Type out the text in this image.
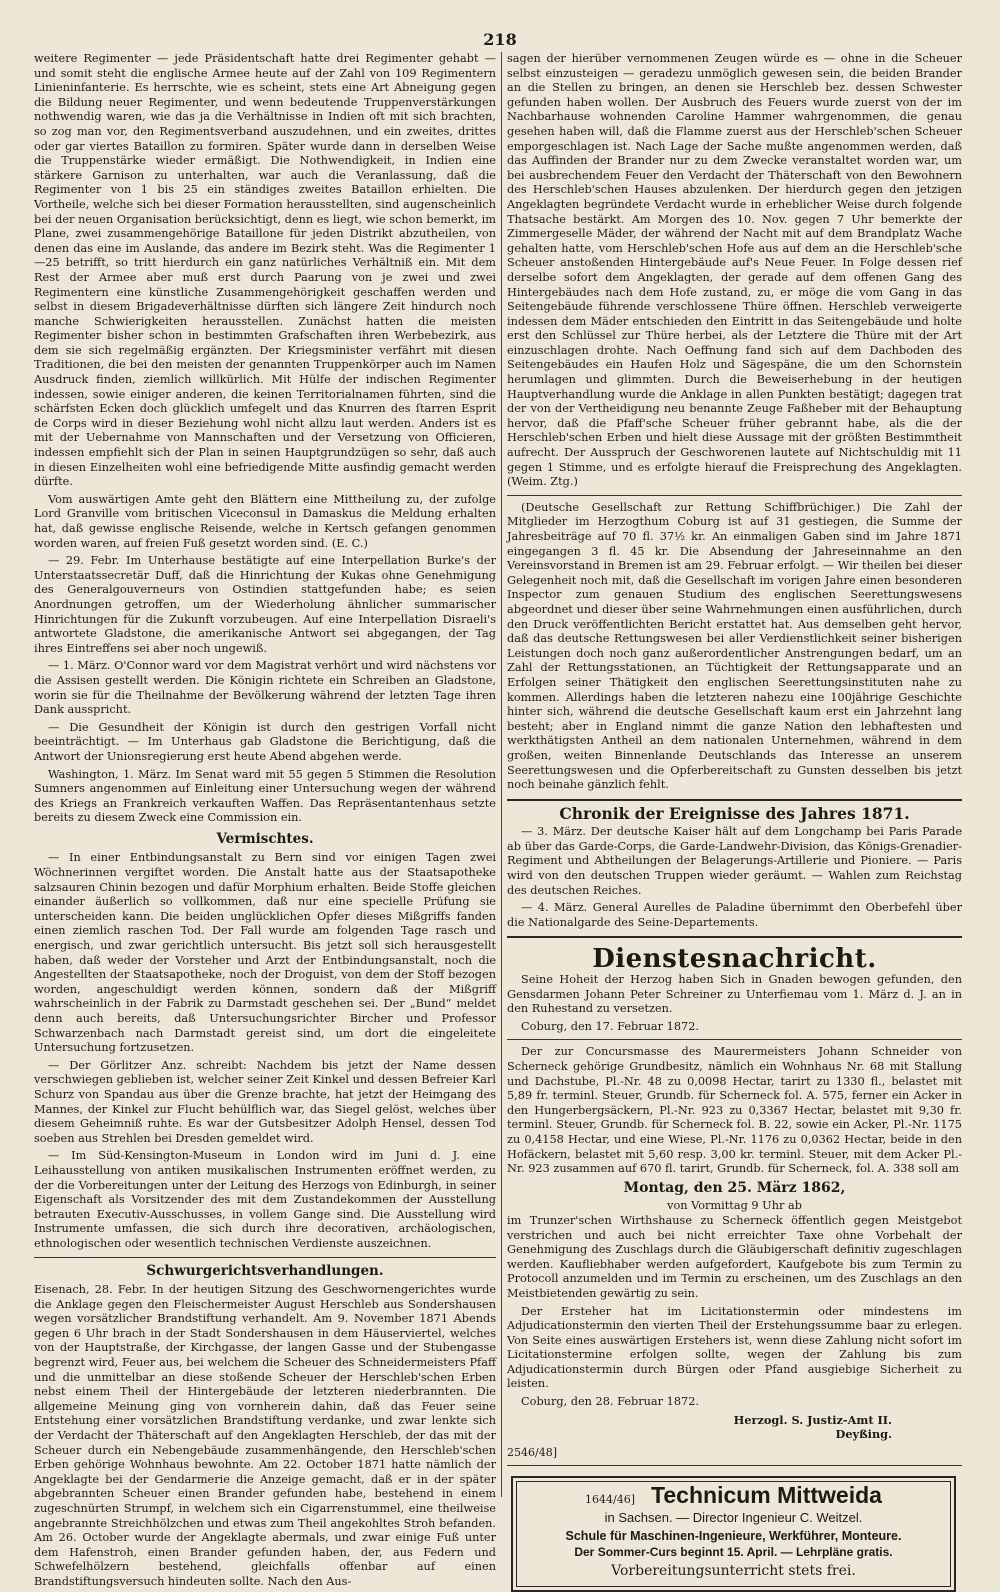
218

weitere Regimenter — jede Präsidentschaft hatte drei Regimenter gehabt — und somit steht die englische Armee heute auf der Zahl von 109 Regimentern Linieninfanterie. Es herrschte, wie es scheint, stets eine Art Abneigung gegen die Bildung neuer Regimenter, und wenn bedeutende Truppenverstärkungen nothwendig waren, wie das ja die Verhältnisse in Indien oft mit sich brachten, so zog man vor, den Regimentsverband auszudehnen, und ein zweites, drittes oder gar viertes Bataillon zu formiren. Später wurde dann in derselben Weise die Truppenstärke wieder ermäßigt. Die Nothwendigkeit, in Indien eine stärkere Garnison zu unterhalten, war auch die Veranlassung, daß die Regimenter von 1 bis 25 ein ständiges zweites Bataillon erhielten. Die Vortheile, welche sich bei dieser Formation herausstellten, sind augenscheinlich bei der neuen Organisation berücksichtigt, denn es liegt, wie schon bemerkt, im Plane, zwei zusammengehörige Bataillone für jeden Distrikt abzutheilen, von denen das eine im Auslande, das andere im Bezirk steht. Was die Regimenter 1—25 betrifft, so tritt hierdurch ein ganz natürliches Verhältniß ein. Mit dem Rest der Armee aber muß erst durch Paarung von je zwei und zwei Regimentern eine künstliche Zusammengehörigkeit geschaffen werden und selbst in diesem Brigadeverhältnisse dürften sich längere Zeit hindurch noch manche Schwierigkeiten herausstellen. Zunächst hatten die meisten Regimenter bisher schon in bestimmten Grafschaften ihren Werbebezirk, aus dem sie sich regelmäßig ergänzten. Der Kriegsminister verfährt mit diesen Traditionen, die bei den meisten der genannten Truppenkörper auch im Namen Ausdruck finden, ziemlich willkürlich. Mit Hülfe der indischen Regimenter indessen, sowie einiger anderen, die keinen Territorialnamen führten, sind die schärfsten Ecken doch glücklich umfegelt und das Knurren des ſtarren Esprit de Corps wird in dieser Beziehung wohl nicht allzu laut werden. Anders ist es mit der Uebernahme von Mannschaften und der Versetzung von Officieren, indessen empfiehlt sich der Plan in seinen Hauptgrundzügen so sehr, daß auch in diesen Einzelheiten wohl eine befriedigende Mitte ausfindig gemacht werden dürfte.

Vom auswärtigen Amte geht den Blättern eine Mittheilung zu, der zufolge Lord Granville vom britischen Viceconsul in Damaskus die Meldung erhalten hat, daß gewisse englische Reisende, welche in Kertsch gefangen genommen worden waren, auf freien Fuß gesetzt worden sind. (E. C.)

— 29. Febr. Im Unterhause bestätigte auf eine Interpellation Burke's der Unterstaatssecretär Duff, daß die Hinrichtung der Kukas ohne Genehmigung des Generalgouverneurs von Ostindien stattgefunden habe; es seien Anordnungen getroffen, um der Wiederholung ähnlicher summarischer Hinrichtungen für die Zukunft vorzubeugen. Auf eine Interpellation Disraeli's antwortete Gladstone, die amerikanische Antwort sei abgegangen, der Tag ihres Eintreffens sei aber noch ungewiß.

— 1. März. O'Connor ward vor dem Magistrat verhört und wird nächstens vor die Assisen gestellt werden. Die Königin richtete ein Schreiben an Gladstone, worin sie für die Theilnahme der Bevölkerung während der letzten Tage ihren Dank ausspricht.

— Die Gesundheit der Königin ist durch den gestrigen Vorfall nicht beeinträchtigt. — Im Unterhaus gab Gladstone die Berichtigung, daß die Antwort der Unionsregierung erst heute Abend abgehen werde.

Washington, 1. März. Im Senat ward mit 55 gegen 5 Stimmen die Resolution Sumners angenommen auf Einleitung einer Untersuchung wegen der während des Kriegs an Frankreich verkauften Waffen. Das Repräsentantenhaus setzte bereits zu diesem Zweck eine Commission ein.

Vermischtes.

— In einer Entbindungsanstalt zu Bern sind vor einigen Tagen zwei Wöchnerinnen vergiftet worden. Die Anstalt hatte aus der Staatsapotheke salzsauren Chinin bezogen und dafür Morphium erhalten. Beide Stoffe gleichen einander äußerlich so vollkommen, daß nur eine specielle Prüfung sie unterscheiden kann. Die beiden unglücklichen Opfer dieses Mißgriffs fanden einen ziemlich raschen Tod. Der Fall wurde am folgenden Tage rasch und energisch, und zwar gerichtlich untersucht. Bis jetzt soll sich herausgestellt haben, daß weder der Vorsteher und Arzt der Entbindungsanstalt, noch die Angestellten der Staatsapotheke, noch der Droguist, von dem der Stoff bezogen worden, angeschuldigt werden können, sondern daß der Mißgriff wahrscheinlich in der Fabrik zu Darmstadt geschehen sei. Der „Bund“ meldet denn auch bereits, daß Untersuchungsrichter Bircher und Professor Schwarzenbach nach Darmstadt gereist sind, um dort die eingeleitete Untersuchung fortzusetzen.

— Der Görlitzer Anz. schreibt: Nachdem bis jetzt der Name dessen verschwiegen geblieben ist, welcher seiner Zeit Kinkel und dessen Befreier Karl Schurz von Spandau aus über die Grenze brachte, hat jetzt der Heimgang des Mannes, der Kinkel zur Flucht behülflich war, das Siegel gelöst, welches über diesem Geheimniß ruhte. Es war der Gutsbesitzer Adolph Hensel, dessen Tod soeben aus Strehlen bei Dresden gemeldet wird.

— Im Süd-Kensington-Museum in London wird im Juni d. J. eine Leihausstellung von antiken musikalischen Instrumenten eröffnet werden, zu der die Vorbereitungen unter der Leitung des Herzogs von Edinburgh, in seiner Eigenschaft als Vorsitzender des mit dem Zustandekommen der Ausstellung betrauten Executiv-Ausschusses, in vollem Gange sind. Die Ausstellung wird Instrumente umfassen, die sich durch ihre decorativen, archäologischen, ethnologischen oder wesentlich technischen Verdienste auszeichnen.

Schwurgerichtsverhandlungen.

Eisenach, 28. Febr. In der heutigen Sitzung des Geschwornengerichtes wurde die Anklage gegen den Fleischermeister August Herschleb aus Sondershausen wegen vorsätzlicher Brandstiftung verhandelt. Am 9. November 1871 Abends gegen 6 Uhr brach in der Stadt Sondershausen in dem Häuserviertel, welches von der Hauptstraße, der Kirchgasse, der langen Gasse und der Stubengasse begrenzt wird, Feuer aus, bei welchem die Scheuer des Schneidermeisters Pfaff und die unmittelbar an diese stoßende Scheuer der Herschleb'schen Erben nebst einem Theil der Hintergebäude der letzteren niederbrannten. Die allgemeine Meinung ging von vornherein dahin, daß das Feuer seine Entstehung einer vorsätzlichen Brandstiftung verdanke, und zwar lenkte sich der Verdacht der Thäterschaft auf den Angeklagten Herschleb, der das mit der Scheuer durch ein Nebengebäude zusammenhängende, den Herschleb'schen Erben gehörige Wohnhaus bewohnte. Am 22. October 1871 hatte nämlich der Angeklagte bei der Gendarmerie die Anzeige gemacht, daß er in der später abgebrannten Scheuer einen Brander gefunden habe, bestehend in einem zugeschnürten Strumpf, in welchem sich ein Cigarrenstummel, eine theilweise angebrannte Streichhölzchen und etwas zum Theil angekohltes Stroh befanden. Am 26. October wurde der Angeklagte abermals, und zwar einige Fuß unter dem Hafenstroh, einen Brander gefunden haben, der, aus Federn und Schwefelhölzern bestehend, gleichfalls offenbar auf einen Brandstiftungsversuch hindeuten sollte. Nach den Aus-

sagen der hierüber vernommenen Zeugen würde es — ohne in die Scheuer selbst einzusteigen — geradezu unmöglich gewesen sein, die beiden Brander an die Stellen zu bringen, an denen sie Herschleb bez. dessen Schwester gefunden haben wollen. Der Ausbruch des Feuers wurde zuerst von der im Nachbarhause wohnenden Caroline Hammer wahrgenommen, die genau gesehen haben will, daß die Flamme zuerst aus der Herschleb'schen Scheuer emporgeschlagen ist. Nach Lage der Sache mußte angenommen werden, daß das Auffinden der Brander nur zu dem Zwecke veranstaltet worden war, um bei ausbrechendem Feuer den Verdacht der Thäterschaft von den Bewohnern des Herschleb'schen Hauses abzulenken. Der hierdurch gegen den jetzigen Angeklagten begründete Verdacht wurde in erheblicher Weise durch folgende Thatsache bestärkt. Am Morgen des 10. Nov. gegen 7 Uhr bemerkte der Zimmergeselle Mäder, der während der Nacht mit auf dem Brandplatz Wache gehalten hatte, vom Herschleb'schen Hofe aus auf dem an die Herschleb'sche Scheuer anstoßenden Hintergebäude auf's Neue Feuer. In Folge dessen rief derselbe sofort dem Angeklagten, der gerade auf dem offenen Gang des Hintergebäudes nach dem Hofe zustand, zu, er möge die vom Gang in das Seitengebäude führende verschlossene Thüre öffnen. Herschleb verweigerte indessen dem Mäder entschieden den Eintritt in das Seitengebäude und holte erst den Schlüssel zur Thüre herbei, als der Letztere die Thüre mit der Art einzuschlagen drohte. Nach Oeffnung fand sich auf dem Dachboden des Seitengebäudes ein Haufen Holz und Sägespäne, die um den Schornstein herumlagen und glimmten. Durch die Beweiserhebung in der heutigen Hauptverhandlung wurde die Anklage in allen Punkten bestätigt; dagegen trat der von der Vertheidigung neu benannte Zeuge Faßheber mit der Behauptung hervor, daß die Pfaff'sche Scheuer früher gebrannt habe, als die der Herschleb'schen Erben und hielt diese Aussage mit der größten Bestimmtheit aufrecht. Der Ausspruch der Geschworenen lautete auf Nichtschuldig mit 11 gegen 1 Stimme, und es erfolgte hierauf die Freisprechung des Angeklagten. (Weim. Ztg.)

(Deutsche Gesellschaft zur Rettung Schiffbrüchiger.) Die Zahl der Mitglieder im Herzogthum Coburg ist auf 31 gestiegen, die Summe der Jahresbeiträge auf 70 fl. 37½ kr. An einmaligen Gaben sind im Jahre 1871 eingegangen 3 fl. 45 kr. Die Absendung der Jahreseinnahme an den Vereinsvorstand in Bremen ist am 29. Februar erfolgt. — Wir theilen bei dieser Gelegenheit noch mit, daß die Gesellschaft im vorigen Jahre einen besonderen Inspector zum genauen Studium des englischen Seerettungswesens abgeordnet und dieser über seine Wahrnehmungen einen ausführlichen, durch den Druck veröffentlichten Bericht erstattet hat. Aus demselben geht hervor, daß das deutsche Rettungswesen bei aller Verdienstlichkeit seiner bisherigen Leistungen doch noch ganz außerordentlicher Anstrengungen bedarf, um an Zahl der Rettungsstationen, an Tüchtigkeit der Rettungsapparate und an Erfolgen seiner Thätigkeit den englischen Seerettungsinstituten nahe zu kommen. Allerdings haben die letzteren nahezu eine 100jährige Geschichte hinter sich, während die deutsche Gesellschaft kaum erst ein Jahrzehnt lang besteht; aber in England nimmt die ganze Nation den lebhaftesten und werkthätigsten Antheil an dem nationalen Unternehmen, während in dem großen, weiten Binnenlande Deutschlands das Interesse an unserem Seerettungswesen und die Opferbereitschaft zu Gunsten desselben bis jetzt noch beinahe gänzlich fehlt.

Chronik der Ereignisse des Jahres 1871.

— 3. März. Der deutsche Kaiser hält auf dem Longchamp bei Paris Parade ab über das Garde-Corps, die Garde-Landwehr-Division, das Königs-Grenadier-Regiment und Abtheilungen der Belagerungs-Artillerie und Pioniere. — Paris wird von den deutschen Truppen wieder geräumt. — Wahlen zum Reichstag des deutschen Reiches.

— 4. März. General Aurelles de Paladine übernimmt den Oberbefehl über die Nationalgarde des Seine-Departements.

Dienstesnachricht.

Seine Hoheit der Herzog haben Sich in Gnaden bewogen gefunden, den Gensdarmen Johann Peter Schreiner zu Unterfiemau vom 1. März d. J. an in den Ruhestand zu versetzen.

Coburg, den 17. Februar 1872.

Der zur Concursmasse des Maurermeisters Johann Schneider von Scherneck gehörige Grundbesitz, nämlich ein Wohnhaus Nr. 68 mit Stallung und Dachstube, Pl.-Nr. 48 zu 0,0098 Hectar, tarirt zu 1330 fl., belastet mit 5,89 fr. terminl. Steuer, Grundb. für Scherneck fol. A. 575, ferner ein Acker in den Hungerbergsäckern, Pl.-Nr. 923 zu 0,3367 Hectar, belastet mit 9,30 fr. terminl. Steuer, Grundb. für Scherneck fol. B. 22, sowie ein Acker, Pl.-Nr. 1175 zu 0,4158 Hectar, und eine Wiese, Pl.-Nr. 1176 zu 0,0362 Hectar, beide in den Hofäckern, belastet mit 5,60 resp. 3,00 kr. terminl. Steuer, mit dem Acker Pl.-Nr. 923 zusammen auf 670 fl. tarirt, Grundb. für Scherneck, fol. A. 338 soll am

Montag, den 25. März 1862,
von Vormittag 9 Uhr ab

im Trunzer'schen Wirthshause zu Scherneck öffentlich gegen Meistgebot verstrichen und auch bei nicht erreichter Taxe ohne Vorbehalt der Genehmigung des Zuschlags durch die Gläubigerschaft definitiv zugeschlagen werden. Kaufliebhaber werden aufgefordert, Kaufgebote bis zum Termin zu Protocoll anzumelden und im Termin zu erscheinen, um des Zuschlags an den Meistbietenden gewärtig zu sein.

Der Ersteher hat im Licitationstermin oder mindestens im Adjudicationstermin den vierten Theil der Erstehungssumme baar zu erlegen. Von Seite eines auswärtigen Erstehers ist, wenn diese Zahlung nicht sofort im Licitationstermine erfolgen sollte, wegen der Zahlung bis zum Adjudicationstermin durch Bürgen oder Pfand ausgiebige Sicherheit zu leisten.

Coburg, den 28. Februar 1872.

Herzogl. S. Justiz-Amt II.
Deyßing.
2546/48]
1644/46] Technicum Mittweida
in Sachsen. — Director Ingenieur C. Weitzel.
Schule für Maschinen-Ingenieure, Werkführer, Monteure.
Der Sommer-Curs beginnt 15. April. — Lehrpläne gratis.
Vorbereitungsunterricht stets frei.
